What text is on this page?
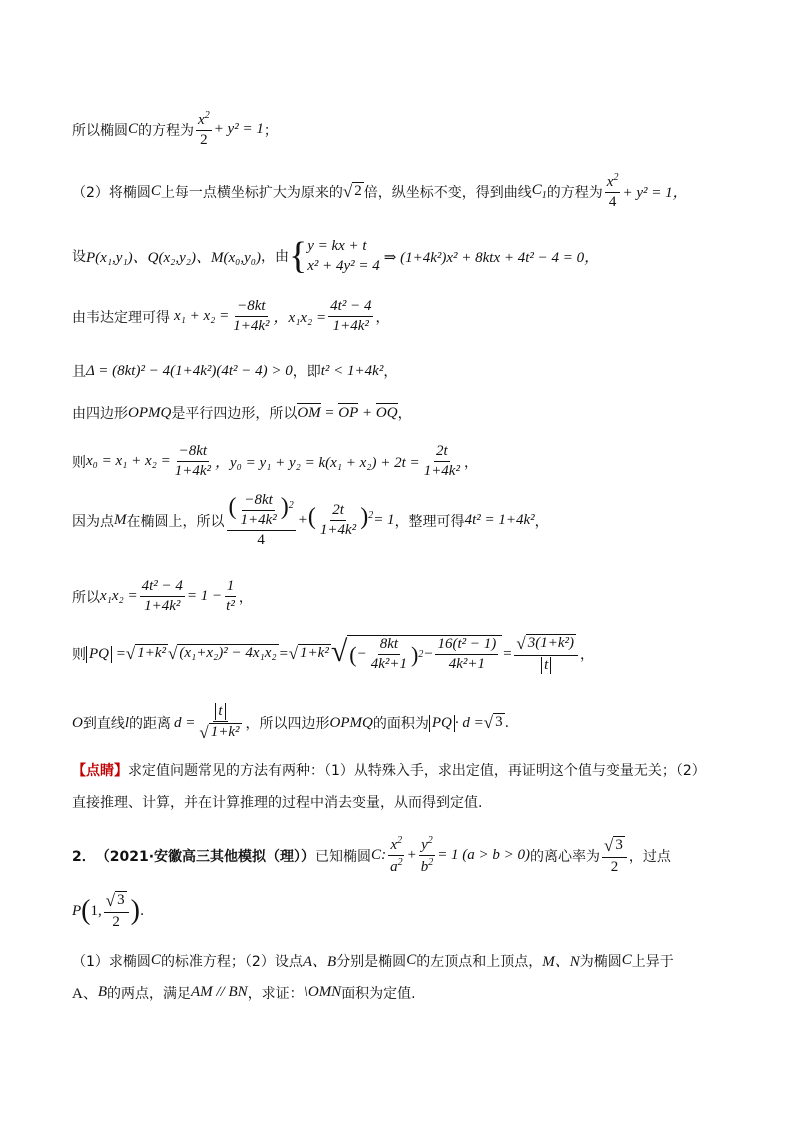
所以椭圆 C 的方程为 $\frac{x^2}{2} + y^2 = 1$ ；
（2）将椭圆 C 上每一点横坐标扩大为原来的 √ 2 倍，纵坐标不变，得到曲线 $C_1$ 的方程为 $\frac{x^2}{4} + y^2 = 1$，
设 P(x₁,y₁)、Q(x₂,y₂)、M(x₀,y₀) ，由 { y = kx + t
x² + 4y² = 4
⇒ (1+4k²)x² + 8ktx + 4t² − 4 = 0，
由韦达定理可得 $x_1 + x_2 = \frac{-8kt}{\text{1+4k²}}$ ，$x_1x_2 = \frac{\text{4t² − 4}}{\text{1+4k²}}$ ，
且 Δ = (8kt)² − 4(1+4k²)(4t² − 4) > 0 ，即 t² < 1+4k² ，
由四边形 OPMQ 是平行四边形，所以 OM = OP + OQ ，
则 $x_0 = x_1 + x_2 = \frac{-8kt}{\text{1+4k²}}$ ，$y_0 = y_1 + y_2 = k(x_1 + x_2) + 2t = \frac{2t}{\text{1+4k²}}$ ，
因为点 M 在椭圆上，所以 $\frac{( \frac{-8kt}{\text{1+4k²}} )^2}{4}$ +( $\frac{2t}{\text{1+4k²}} )^2 = 1$ ，整理可得 4t² = 1+4k² ，
所以 $x_1x_2 = \frac{\text{4t² − 4}}{\text{1+4k²}} = 1 - \frac{1}{\text{t²}}$ ，
则 PQ = √ 1+k² √ (x₁+x₂)² − 4x₁x₂ = √ 1+k² √ ( − $\frac{8kt}{\text{4k²+1}}$ ) $2 - \frac{\text{16(t² − 1)}}{\text{4k²+1}} = \frac{\text{√ 3(1+k²)}}{t}$ ，
O 到直线 l 的距离 $d = \frac{t}{\text{√ 1+k²}}$ ，所以四边形 OPMQ 的面积为 PQ · d = √ 3 .
【点睛】 求定值问题常见的方法有两种：（1）从特殊入手，求出定值，再证明这个值与变量无关；（2）
直接推理、计算，并在计算推理的过程中消去变量，从而得到定值.
2． （2021·安徽高三其他模拟（理）） 已知椭圆 C : $\frac{x^2}{a^2} + \frac{y^2}{b^2} = 1$ (a > b > 0) 的离心率为 $\frac{√ 3}{2}$ ，过点
P ( 1, $\frac{√ 3}{2}$ ) .
（1）求椭圆 C 的标准方程；（2）设点 A、B 分别是椭圆 C 的左顶点和上顶点， M、N 为椭圆 C 上异于
A、 B 的两点，满足 AM // BN ，求证： \OMN 面积为定值.
